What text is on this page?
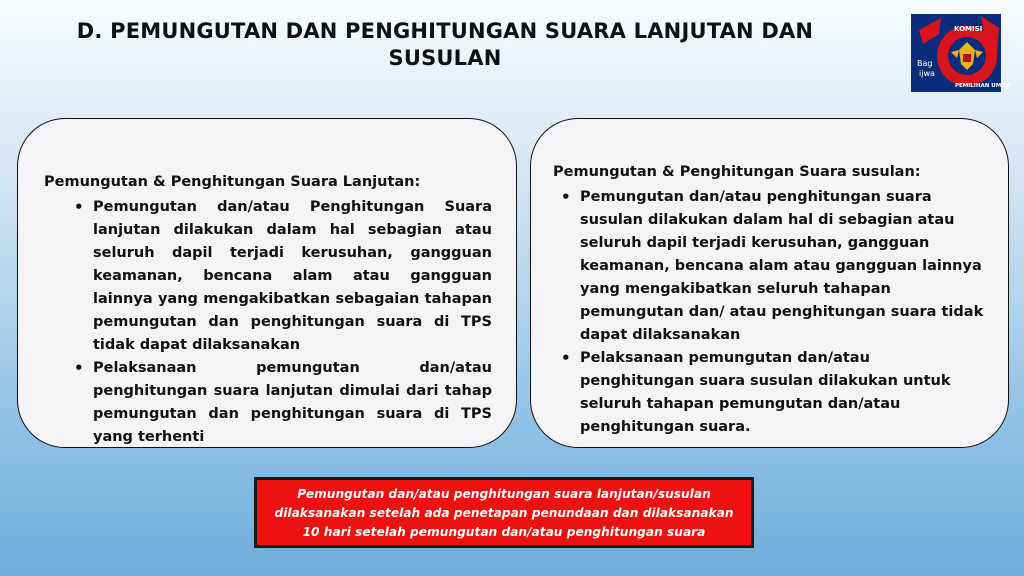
D. PEMUNGUTAN DAN PENGHITUNGAN SUARA LANJUTAN DAN SUSULAN
KOMISI
PEMILIHAN UMUM
Bag
ijwa
Pemungutan & Penghitungan Suara Lanjutan:
• Pemungutan dan/atau Penghitungan Suara lanjutan dilakukan dalam hal sebagian atau seluruh dapil terjadi kerusuhan, gangguan keamanan, bencana alam atau gangguan lainnya yang mengakibatkan sebagaian tahapan pemungutan dan penghitungan suara di TPS tidak dapat dilaksanakan
• Pelaksanaan pemungutan dan/atau penghitungan suara lanjutan dimulai dari tahap pemungutan dan penghitungan suara di TPS yang terhenti
Pemungutan & Penghitungan Suara susulan:
• Pemungutan dan/atau penghitungan suara susulan dilakukan dalam hal di sebagian atau seluruh dapil terjadi kerusuhan, gangguan keamanan, bencana alam atau gangguan lainnya yang mengakibatkan seluruh tahapan pemungutan dan/ atau penghitungan suara tidak dapat dilaksanakan
• Pelaksanaan pemungutan dan/atau penghitungan suara susulan dilakukan untuk seluruh tahapan pemungutan dan/atau penghitungan suara.
Pemungutan dan/atau penghitungan suara lanjutan/susulan dilaksanakan setelah ada penetapan penundaan dan dilaksanakan 10 hari setelah pemungutan dan/atau penghitungan suara
